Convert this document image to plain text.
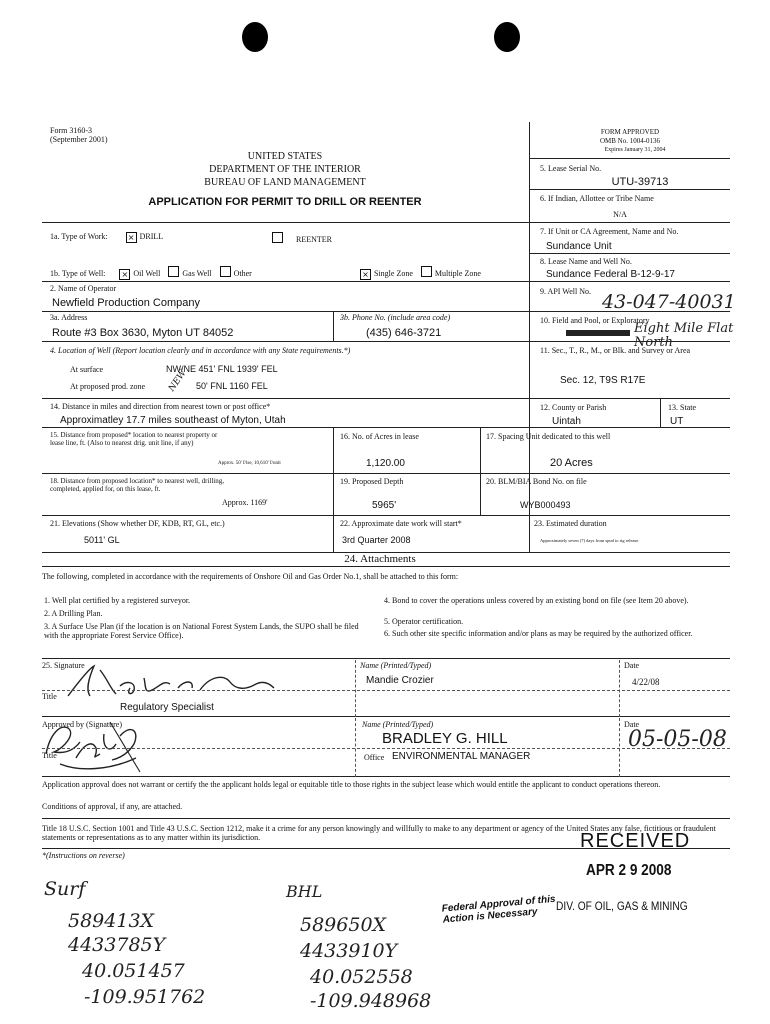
Form 3160-3
(September 2001)
UNITED STATES
DEPARTMENT OF THE INTERIOR
BUREAU OF LAND MANAGEMENT
APPLICATION FOR PERMIT TO DRILL OR REENTER
FORM APPROVED
OMB No. 1004-0136
Expires January 31, 2004
5. Lease Serial No.
UTU-39713
6. If Indian, Allottee or Tribe Name
N/A
7. If Unit or CA Agreement, Name and No.
Sundance Unit
8. Lease Name and Well No.
Sundance Federal B-12-9-17
9. API Well No. 43-047-40031
10. Field and Pool, or Exploratory
Eight Mile Flat North
11. Sec., T., R., M., or Blk. and Survey or Area
Sec. 12, T9S R17E
12. County or Parish
Uintah
13. State
UT
1a. Type of Work:	× DRILL	REENTER
1b. Type of Well: × Oil Well	Gas Well	Other	× Single Zone	Multiple Zone
2. Name of Operator
Newfield Production Company
3a. Address
Route #3 Box 3630, Myton UT 84052
3b. Phone No. (include area code)
(435) 646-3721
4. Location of Well (Report location clearly and in accordance with any State requirements.*)
At surface	NW/NE 451' FNL 1939' FEL
At proposed prod. zone	50' FNL 1160 FEL
NEW
14. Distance in miles and direction from nearest town or post office*
Approximatley 17.7 miles southeast of Myton, Utah
15. Distance from proposed* location to nearest property or lease line, ft. (Also to nearest drig. unit line, if any)
Approx. 50' f/lse, 10,610' f/unit
16. No. of Acres in lease
1,120.00
17. Spacing Unit dedicated to this well
20 Acres
18. Distance from proposed location* to nearest well, drilling, completed, applied for, on this lease, ft.
Approx. 1169'
19. Proposed Depth
5965'
20. BLM/BIA Bond No. on file
WYB000493
21. Elevations (Show whether DF, KDB, RT, GL, etc.)
5011' GL
22. Approximate date work will start*
3rd Quarter 2008
23. Estimated duration
Approximately seven (7) days from spud to rig release.
24. Attachments
The following, completed in accordance with the requirements of Onshore Oil and Gas Order No.1, shall be attached to this form:
1. Well plat certified by a registered surveyor.
2. A Drilling Plan.
3. A Surface Use Plan (if the location is on National Forest System Lands, the SUPO shall be filed with the appropriate Forest Service Office).
4. Bond to cover the operations unless covered by an existing bond on file (see Item 20 above).
5. Operator certification.
6. Such other site specific information and/or plans as may be required by the authorized officer.
25. Signature	Name (Printed/Typed)
Mandie Crozier
Date
4/22/08
Title
Regulatory Specialist
Approved by (Signature)	Name (Printed/Typed)
BRADLEY G. HILL
Date
05-05-08
Title	Office ENVIRONMENTAL MANAGER
Application approval does not warrant or certify the the applicant holds legal or equitable title to those rights in the subject lease which would entitle the applicant to conduct operations thereon.
Conditions of approval, if any, are attached.
Title 18 U.S.C. Section 1001 and Title 43 U.S.C. Section 1212, make it a crime for any person knowingly and willfully to make to any department or agency of the United States any false, fictitious or fraudulent statements or representations as to any matter within its jurisdiction.
*(Instructions on reverse)
APR 2 9 2008
DIV. OF OIL, GAS & MINING
RECEIVED
Federal Approval of this Action is Necessary
Surf
589413X
4433785Y
40.051457
-109.951762
BHL
589650X
4433910Y
40.052558
-109.948968
